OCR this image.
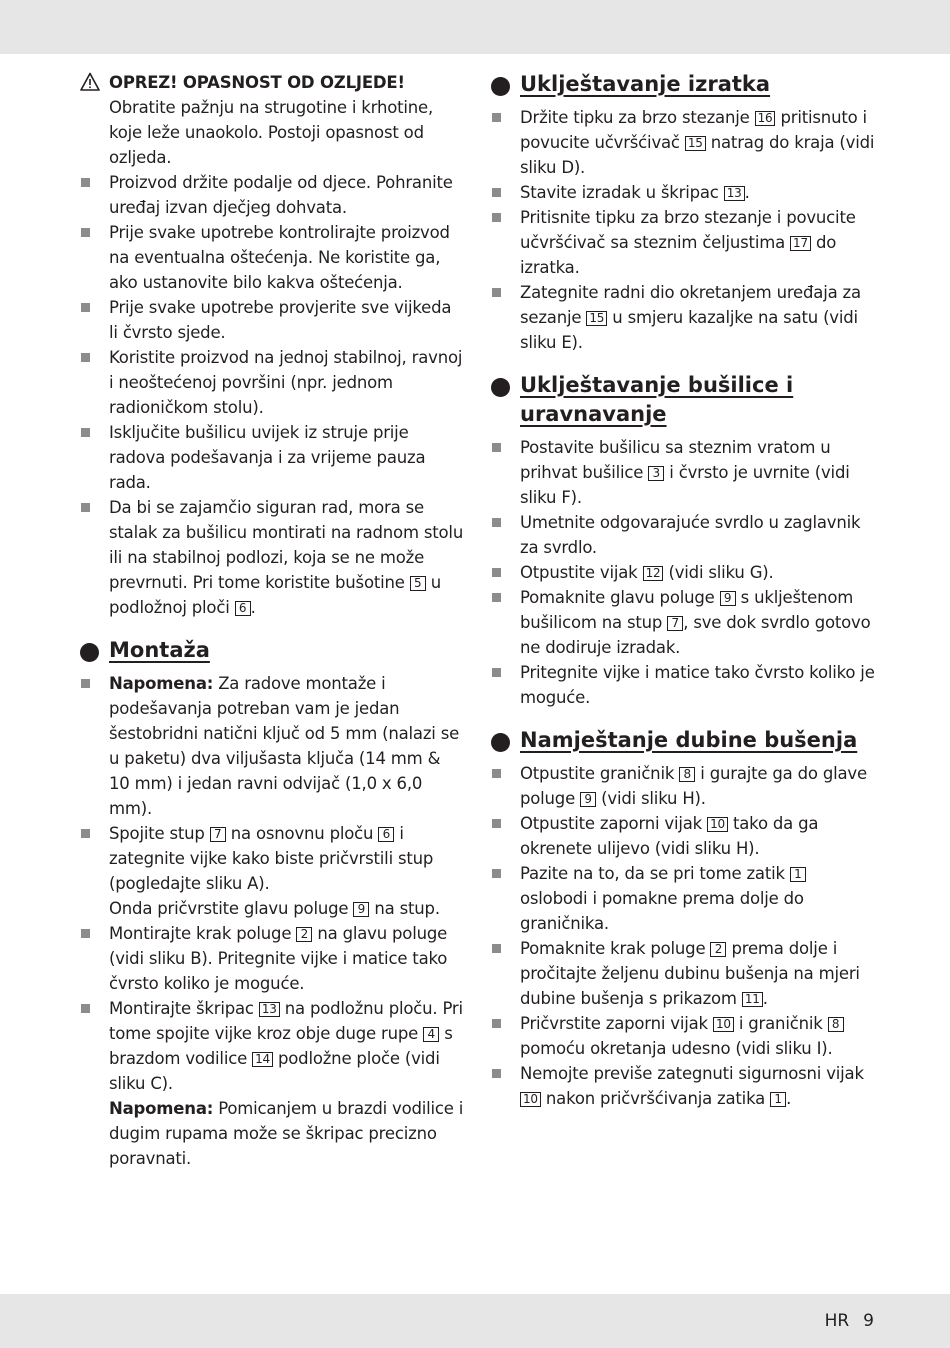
OPREZ! OPASNOST OD OZLJEDE!
Obratite pažnju na strugotine i krhotine, koje leže unaokolo. Postoji opasnost od ozljeda.
Proizvod držite podalje od djece. Pohranite uređaj izvan dječjeg dohvata.
Prije svake upotrebe kontrolirajte proizvod na eventualna oštećenja. Ne koristite ga, ako ustanovite bilo kakva oštećenja.
Prije svake upotrebe provjerite sve vijkeda li čvrsto sjede.
Koristite proizvod na jednoj stabilnoj, ravnoj i neoštećenoj površini (npr. jednom radioničkom stolu).
Isključite bušilicu uvijek iz struje prije radova podešavanja i za vrijeme pauza rada.
Da bi se zajamčio siguran rad, mora se stalak za bušilicu montirati na radnom stolu ili na stabilnoj podlozi, koja se ne može prevrnuti. Pri tome koristite bušotine 5 u podložnoj ploči 6 .
Montaža
Napomena: Za radove montaže i podešavanja potreban vam je jedan šestobridni natični ključ od 5 mm (nalazi se u paketu) dva viljušasta ključa (14 mm & 10 mm) i jedan ravni odvijač (1,0 x 6,0 mm).
Spojite stup 7 na osnovnu ploču 6 i zategnite vijke kako biste pričvrstili stup (pogledajte sliku A).
Onda pričvrstite glavu poluge 9 na stup.
Montirajte krak poluge 2 na glavu poluge (vidi sliku B). Pritegnite vijke i matice tako čvrsto koliko je moguće.
Montirajte škripac 13 na podložnu ploču. Pri tome spojite vijke kroz obje duge rupe 4 s brazdom vodilice 14 podložne ploče (vidi sliku C).
Napomena: Pomicanjem u brazdi vodilice i dugim rupama može se škripac precizno poravnati.
Uklještavanje izratka
Držite tipku za brzo stezanje 16 pritisnuto i povucite učvršćivač 15 natrag do kraja (vidi sliku D).
Stavite izradak u škripac 13 .
Pritisnite tipku za brzo stezanje i povucite učvršćivač sa steznim čeljustima 17 do izratka.
Zategnite radni dio okretanjem uređaja za sezanje 15 u smjeru kazaljke na satu (vidi sliku E).
Uklještavanje bušilice i uravnavanje
Postavite bušilicu sa steznim vratom u prihvat bušilice 3 i čvrsto je uvrnite (vidi sliku F).
Umetnite odgovarajuće svrdlo u zaglavnik za svrdlo.
Otpustite vijak 12 (vidi sliku G).
Pomaknite glavu poluge 9 s uklještenom bušilicom na stup 7 , sve dok svrdlo gotovo ne dodiruje izradak.
Pritegnite vijke i matice tako čvrsto koliko je moguće.
Namještanje dubine bušenja
Otpustite graničnik 8 i gurajte ga do glave poluge 9 (vidi sliku H).
Otpustite zaporni vijak 10 tako da ga okrenete ulijevo (vidi sliku H).
Pazite na to, da se pri tome zatik 1 oslobodi i pomakne prema dolje do graničnika.
Pomaknite krak poluge 2 prema dolje i pročitajte željenu dubinu bušenja na mjeri dubine bušenja s prikazom 11 .
Pričvrstite zaporni vijak 10 i graničnik 8 pomoću okretanja udesno (vidi sliku I).
Nemojte previše zategnuti sigurnosni vijak 10 nakon pričvršćivanja zatika 1 .
HR 9
